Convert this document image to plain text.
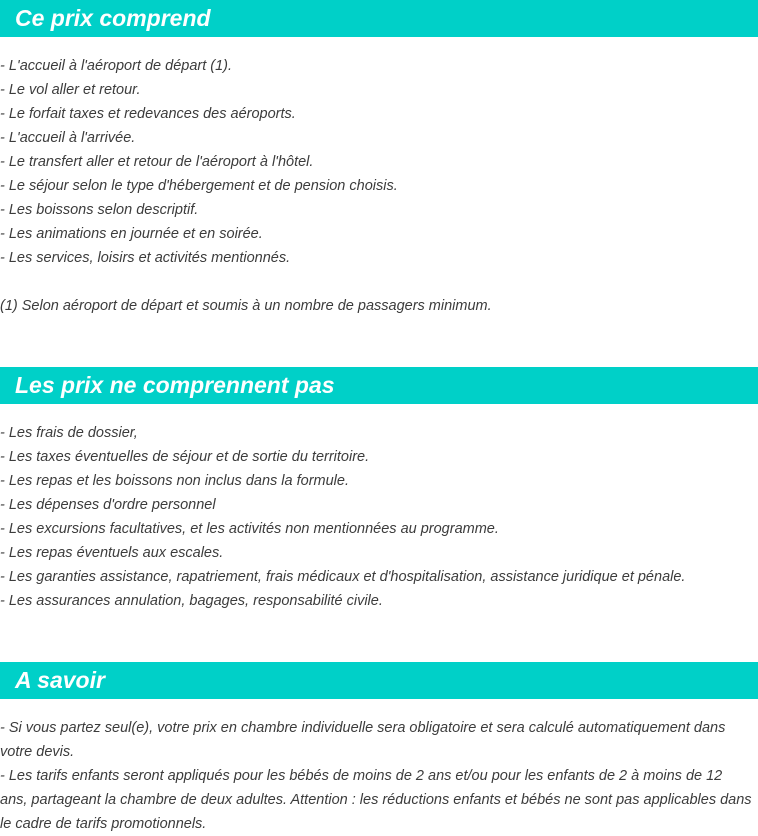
Ce prix comprend
- L'accueil à l'aéroport de départ (1).
- Le vol aller et retour.
- Le forfait taxes et redevances des aéroports.
- L'accueil à l'arrivée.
- Le transfert aller et retour de l'aéroport à l'hôtel.
- Le séjour selon le type d'hébergement et de pension choisis.
- Les boissons selon descriptif.
- Les animations en journée et en soirée.
- Les services, loisirs et activités mentionnés.
(1) Selon aéroport de départ et soumis à un nombre de passagers minimum.
Les prix ne comprennent pas
- Les frais de dossier,
- Les taxes éventuelles de séjour et de sortie du territoire.
- Les repas et les boissons non inclus dans la formule.
- Les dépenses d'ordre personnel
- Les excursions facultatives, et les activités non mentionnées au programme.
- Les repas éventuels aux escales.
- Les garanties assistance, rapatriement, frais médicaux et d'hospitalisation, assistance juridique et pénale.
- Les assurances annulation, bagages, responsabilité civile.
A savoir
- Si vous partez seul(e), votre prix en chambre individuelle sera obligatoire et sera calculé automatiquement dans votre devis.
- Les tarifs enfants seront appliqués pour les bébés de moins de 2 ans et/ou pour les enfants de 2 à moins de 12 ans, partageant la chambre de deux adultes. Attention : les réductions enfants et bébés ne sont pas applicables dans le cadre de tarifs promotionnels.
